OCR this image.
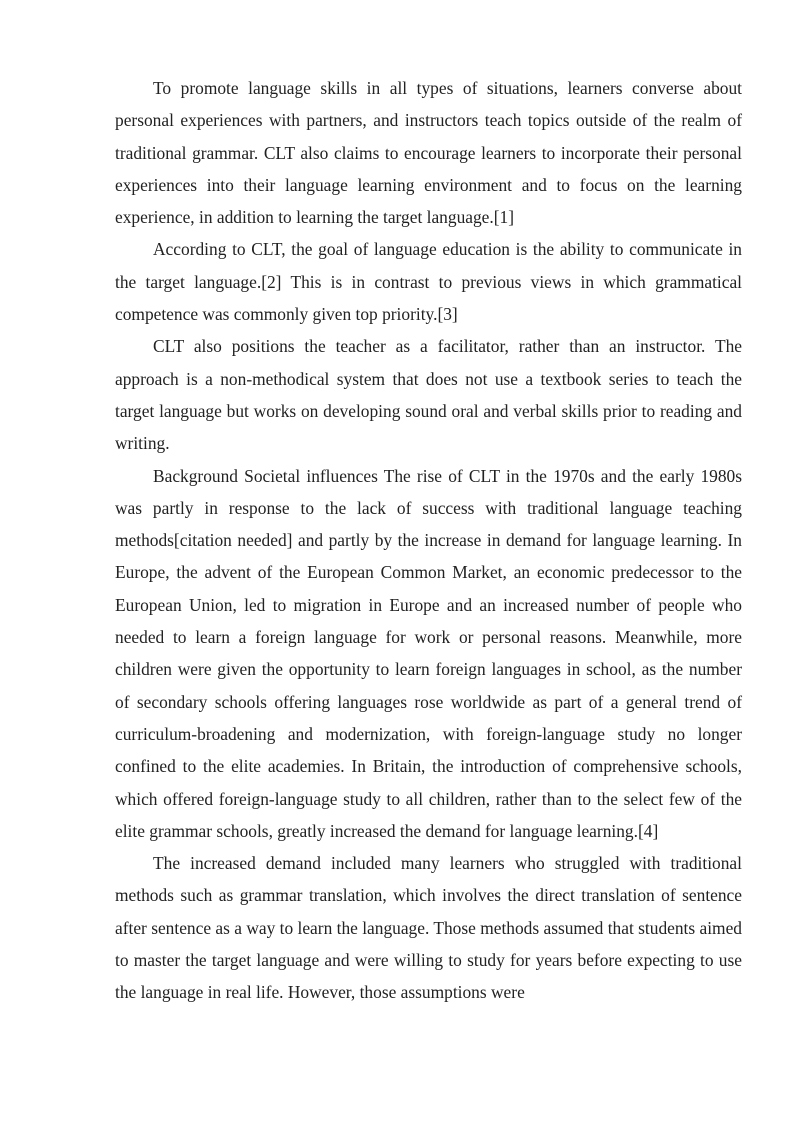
To promote language skills in all types of situations, learners converse about personal experiences with partners, and instructors teach topics outside of the realm of traditional grammar. CLT also claims to encourage learners to incorporate their personal experiences into their language learning environment and to focus on the learning experience, in addition to learning the target language.[1]

According to CLT, the goal of language education is the ability to communicate in the target language.[2] This is in contrast to previous views in which grammatical competence was commonly given top priority.[3]

CLT also positions the teacher as a facilitator, rather than an instructor. The approach is a non-methodical system that does not use a textbook series to teach the target language but works on developing sound oral and verbal skills prior to reading and writing.

Background Societal influences The rise of CLT in the 1970s and the early 1980s was partly in response to the lack of success with traditional language teaching methods[citation needed] and partly by the increase in demand for language learning. In Europe, the advent of the European Common Market, an economic predecessor to the European Union, led to migration in Europe and an increased number of people who needed to learn a foreign language for work or personal reasons. Meanwhile, more children were given the opportunity to learn foreign languages in school, as the number of secondary schools offering languages rose worldwide as part of a general trend of curriculum-broadening and modernization, with foreign-language study no longer confined to the elite academies. In Britain, the introduction of comprehensive schools, which offered foreign-language study to all children, rather than to the select few of the elite grammar schools, greatly increased the demand for language learning.[4]

The increased demand included many learners who struggled with traditional methods such as grammar translation, which involves the direct translation of sentence after sentence as a way to learn the language. Those methods assumed that students aimed to master the target language and were willing to study for years before expecting to use the language in real life. However, those assumptions were
